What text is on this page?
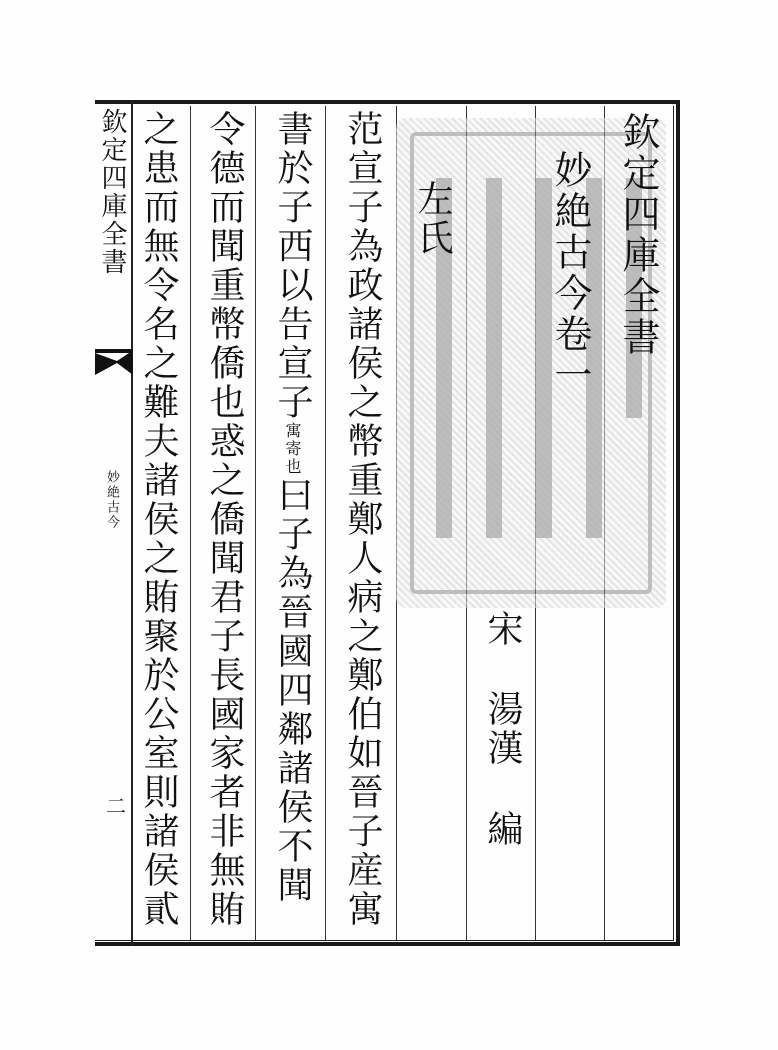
欽定四庫全書
妙絶古今
二
欽定四庫全書
妙絶古今卷一
宋
湯漢
編
左氏
范宣子為政諸侯之幣重鄭人病之鄭伯如晉子産寓
書於子西以告宣子寓寄也曰子為晉國四鄰諸侯不聞
令德而聞重幣僑也惑之僑聞君子長國家者非無賄
之患而無令名之難夫諸侯之賄聚於公室則諸侯貳
